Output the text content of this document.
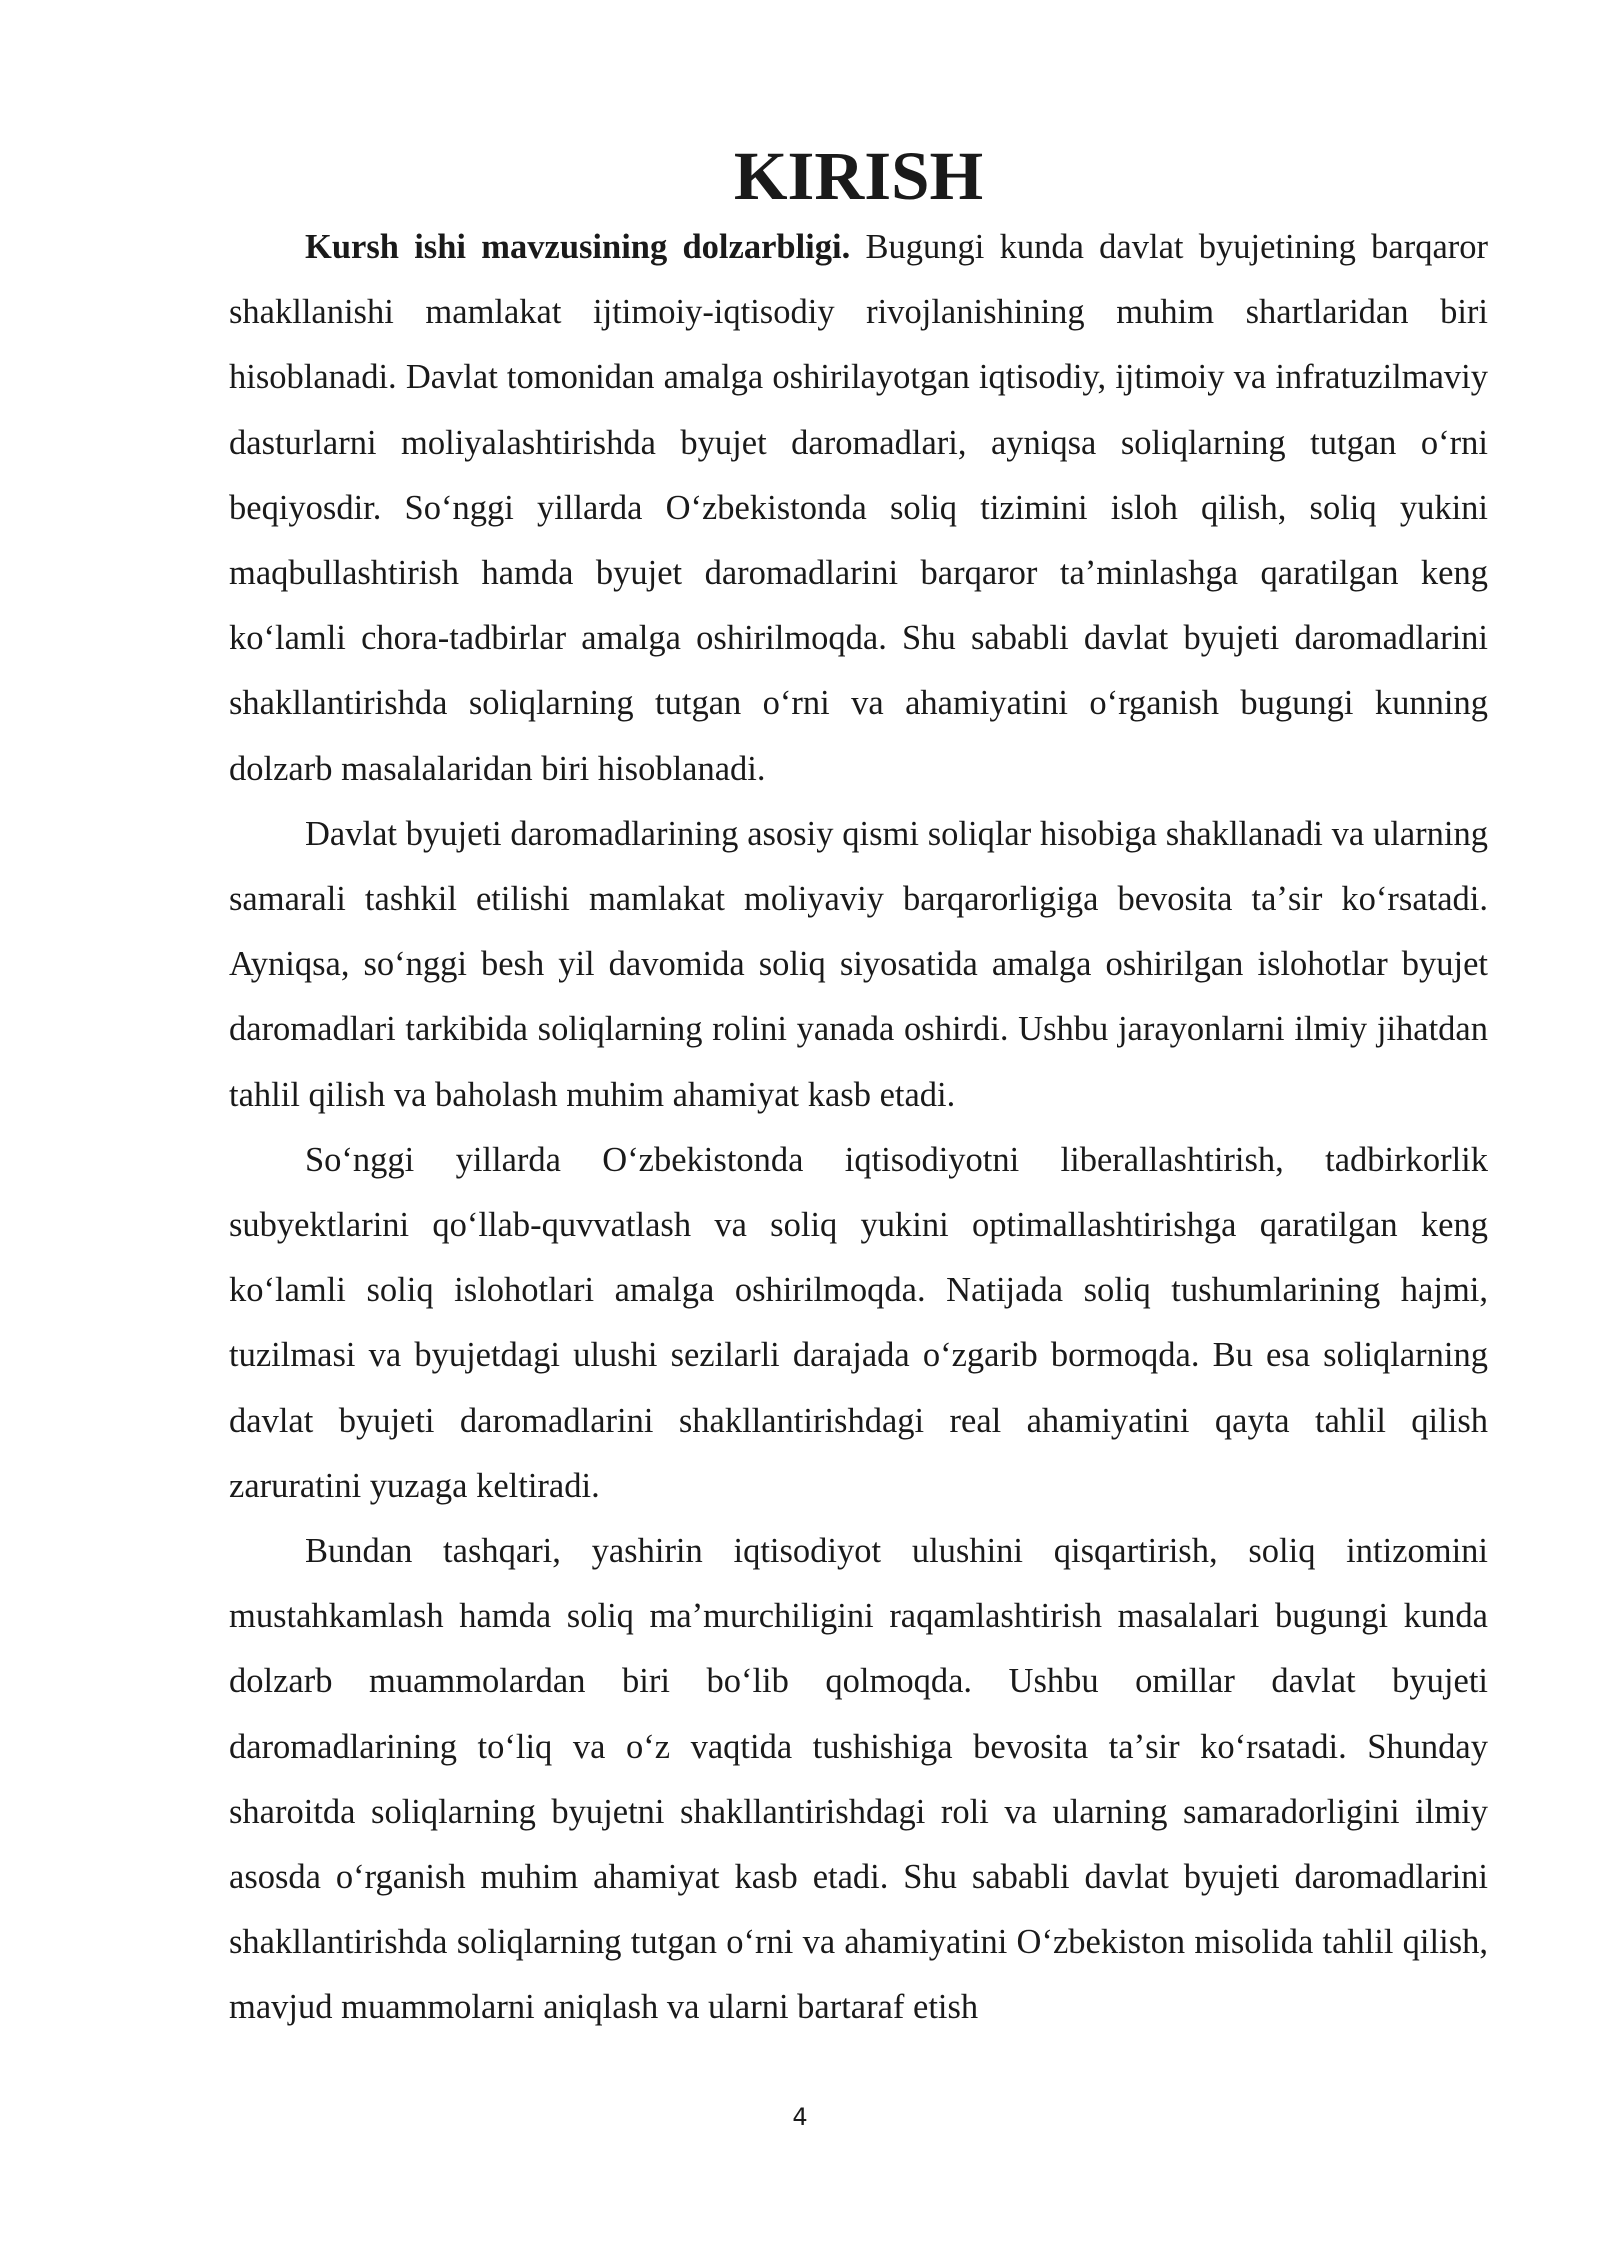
KIRISH

Kursh ishi mavzusining dolzarbligi. Bugungi kunda davlat byujetining barqaror shakllanishi mamlakat ijtimoiy-iqtisodiy rivojlanishining muhim shartlaridan biri hisoblanadi. Davlat tomonidan amalga oshirilayotgan iqtisodiy, ijtimoiy va infratuzilmaviy dasturlarni moliyalashtirishda byujet daromadlari, ayniqsa soliqlarning tutgan oʻrni beqiyosdir. Soʻnggi yillarda Oʻzbekistonda soliq tizimini isloh qilish, soliq yukini maqbullashtirish hamda byujet daromadlarini barqaror taʼminlashga qaratilgan keng koʻlamli chora-tadbirlar amalga oshirilmoqda. Shu sababli davlat byujeti daromadlarini shakllantirishda soliqlarning tutgan oʻrni va ahamiyatini oʻrganish bugungi kunning dolzarb masalalaridan biri hisoblanadi.

Davlat byujeti daromadlarining asosiy qismi soliqlar hisobiga shakllanadi va ularning samarali tashkil etilishi mamlakat moliyaviy barqarorligiga bevosita taʼsir koʻrsatadi. Ayniqsa, soʻnggi besh yil davomida soliq siyosatida amalga oshirilgan islohotlar byujet daromadlari tarkibida soliqlarning rolini yanada oshirdi. Ushbu jarayonlarni ilmiy jihatdan tahlil qilish va baholash muhim ahamiyat kasb etadi.

Soʻnggi yillarda Oʻzbekistonda iqtisodiyotni liberallashtirish, tadbirkorlik subyektlarini qoʻllab-quvvatlash va soliq yukini optimallashtirishga qaratilgan keng koʻlamli soliq islohotlari amalga oshirilmoqda. Natijada soliq tushumlarining hajmi, tuzilmasi va byujetdagi ulushi sezilarli darajada oʻzgarib bormoqda. Bu esa soliqlarning davlat byujeti daromadlarini shakllantirishdagi real ahamiyatini qayta tahlil qilish zaruratini yuzaga keltiradi.

Bundan tashqari, yashirin iqtisodiyot ulushini qisqartirish, soliq intizomini mustahkamlash hamda soliq maʼmurchiligini raqamlashtirish masalalari bugungi kunda dolzarb muammolardan biri boʻlib qolmoqda. Ushbu omillar davlat byujeti daromadlarining toʻliq va oʻz vaqtida tushishiga bevosita taʼsir koʻrsatadi. Shunday sharoitda soliqlarning byujetni shakllantirishdagi roli va ularning samaradorligini ilmiy asosda oʻrganish muhim ahamiyat kasb etadi. Shu sababli davlat byujeti daromadlarini shakllantirishda soliqlarning tutgan oʻrni va ahamiyatini Oʻzbekiston misolida tahlil qilish, mavjud muammolarni aniqlash va ularni bartaraf etish

4
